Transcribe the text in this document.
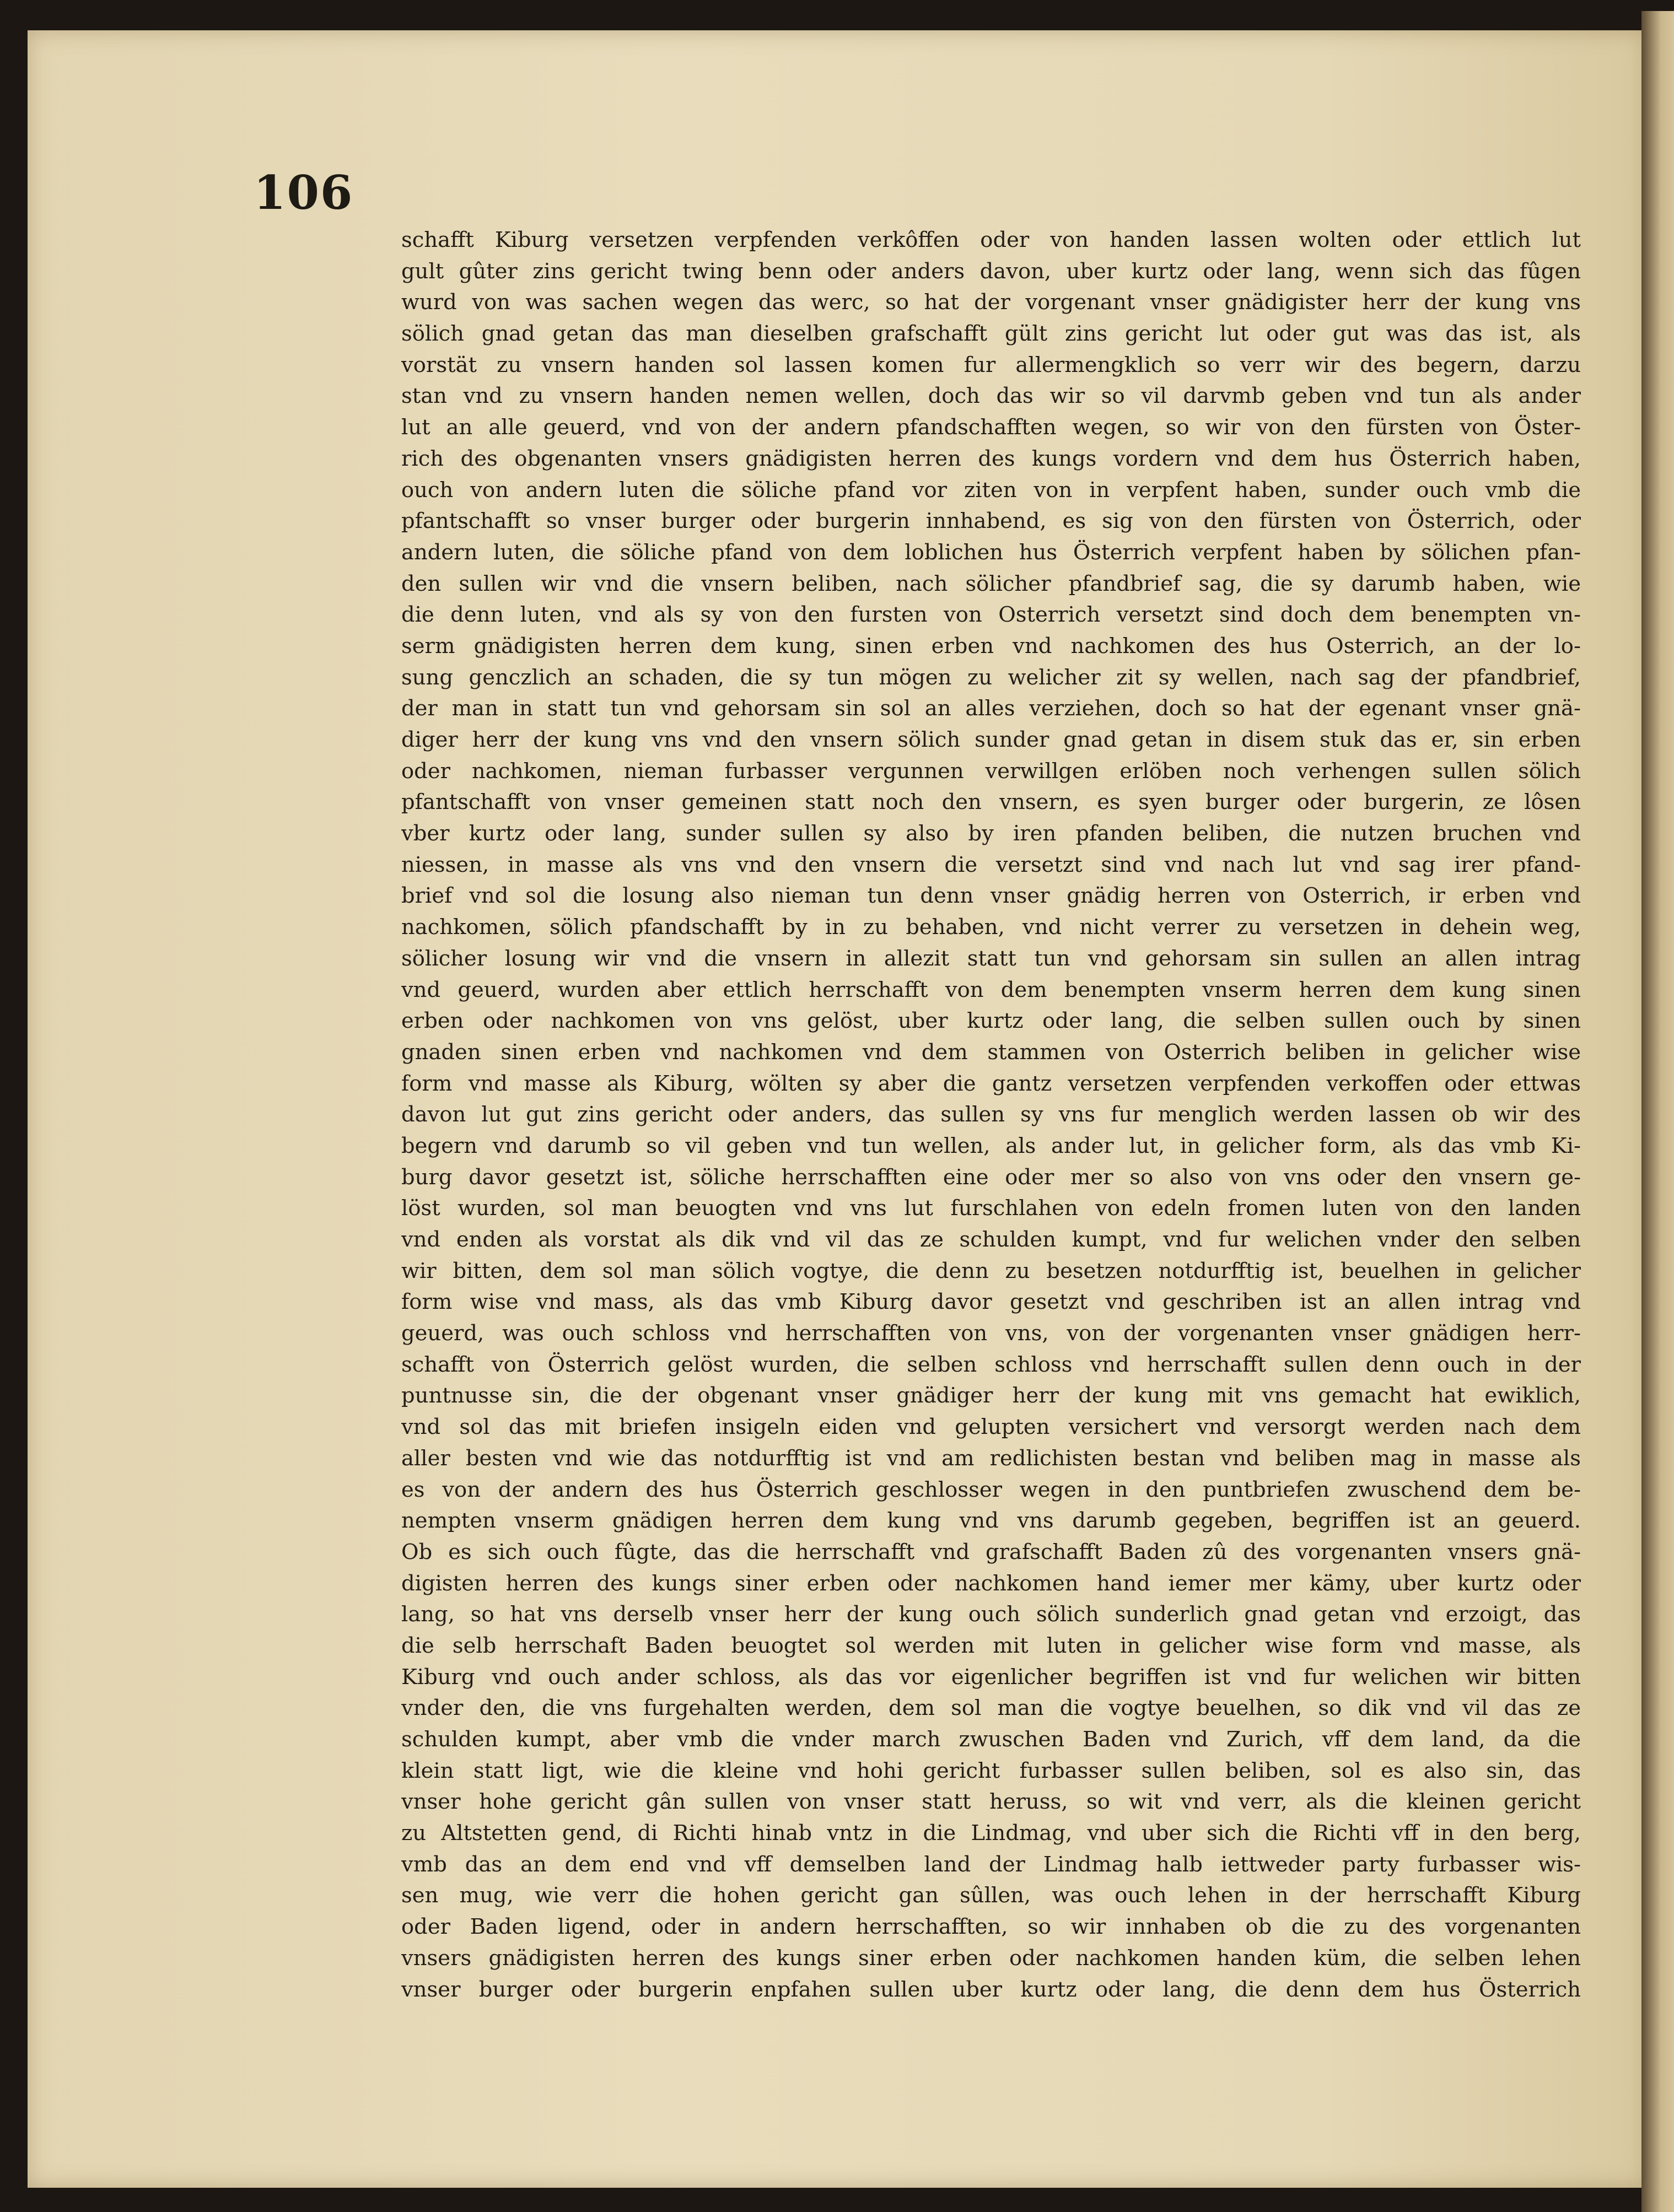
106
schafft Kiburg versetzen verpfenden verkôffen oder von handen lassen wolten oder ettlich lut
gult gûter zins gericht twing benn oder anders davon, uber kurtz oder lang, wenn sich das fûgen
wurd von was sachen wegen das werc, so hat der vorgenant vnser gnädigister herr der kung vns
sölich gnad getan das man dieselben grafschafft gült zins gericht lut oder gut was das ist, als
vorstät zu vnsern handen sol lassen komen fur allermengklich so verr wir des begern, darzu
stan vnd zu vnsern handen nemen wellen, doch das wir so vil darvmb geben vnd tun als ander
lut an alle geuerd, vnd von der andern pfandschafften wegen, so wir von den fürsten von Öster-
rich des obgenanten vnsers gnädigisten herren des kungs vordern vnd dem hus Österrich haben,
ouch von andern luten die söliche pfand vor ziten von in verpfent haben, sunder ouch vmb die
pfantschafft so vnser burger oder burgerin innhabend, es sig von den fürsten von Österrich, oder
andern luten, die söliche pfand von dem loblichen hus Österrich verpfent haben by sölichen pfan-
den sullen wir vnd die vnsern beliben, nach sölicher pfandbrief sag, die sy darumb haben, wie
die denn luten, vnd als sy von den fursten von Osterrich versetzt sind doch dem benempten vn-
serm gnädigisten herren dem kung, sinen erben vnd nachkomen des hus Osterrich, an der lo-
sung genczlich an schaden, die sy tun mögen zu welicher zit sy wellen, nach sag der pfandbrief,
der man in statt tun vnd gehorsam sin sol an alles verziehen, doch so hat der egenant vnser gnä-
diger herr der kung vns vnd den vnsern sölich sunder gnad getan in disem stuk das er, sin erben
oder nachkomen, nieman furbasser vergunnen verwillgen erlöben noch verhengen sullen sölich
pfantschafft von vnser gemeinen statt noch den vnsern, es syen burger oder burgerin, ze lôsen
vber kurtz oder lang, sunder sullen sy also by iren pfanden beliben, die nutzen bruchen vnd
niessen, in masse als vns vnd den vnsern die versetzt sind vnd nach lut vnd sag irer pfand-
brief vnd sol die losung also nieman tun denn vnser gnädig herren von Osterrich, ir erben vnd
nachkomen, sölich pfandschafft by in zu behaben, vnd nicht verrer zu versetzen in dehein weg,
sölicher losung wir vnd die vnsern in allezit statt tun vnd gehorsam sin sullen an allen intrag
vnd geuerd, wurden aber ettlich herrschafft von dem benempten vnserm herren dem kung sinen
erben oder nachkomen von vns gelöst, uber kurtz oder lang, die selben sullen ouch by sinen
gnaden sinen erben vnd nachkomen vnd dem stammen von Osterrich beliben in gelicher wise
form vnd masse als Kiburg, wölten sy aber die gantz versetzen verpfenden verkoffen oder ettwas
davon lut gut zins gericht oder anders, das sullen sy vns fur menglich werden lassen ob wir des
begern vnd darumb so vil geben vnd tun wellen, als ander lut, in gelicher form, als das vmb Ki-
burg davor gesetzt ist, söliche herrschafften eine oder mer so also von vns oder den vnsern ge-
löst wurden, sol man beuogten vnd vns lut furschlahen von edeln fromen luten von den landen
vnd enden als vorstat als dik vnd vil das ze schulden kumpt, vnd fur welichen vnder den selben
wir bitten, dem sol man sölich vogtye, die denn zu besetzen notdurfftig ist, beuelhen in gelicher
form wise vnd mass, als das vmb Kiburg davor gesetzt vnd geschriben ist an allen intrag vnd
geuerd, was ouch schloss vnd herrschafften von vns, von der vorgenanten vnser gnädigen herr-
schafft von Österrich gelöst wurden, die selben schloss vnd herrschafft sullen denn ouch in der
puntnusse sin, die der obgenant vnser gnädiger herr der kung mit vns gemacht hat ewiklich,
vnd sol das mit briefen insigeln eiden vnd gelupten versichert vnd versorgt werden nach dem
aller besten vnd wie das notdurfftig ist vnd am redlichisten bestan vnd beliben mag in masse als
es von der andern des hus Österrich geschlosser wegen in den puntbriefen zwuschend dem be-
nempten vnserm gnädigen herren dem kung vnd vns darumb gegeben, begriffen ist an geuerd.
Ob es sich ouch fûgte, das die herrschafft vnd grafschafft Baden zû des vorgenanten vnsers gnä-
digisten herren des kungs siner erben oder nachkomen hand iemer mer kämy, uber kurtz oder
lang, so hat vns derselb vnser herr der kung ouch sölich sunderlich gnad getan vnd erzoigt, das
die selb herrschaft Baden beuogtet sol werden mit luten in gelicher wise form vnd masse, als
Kiburg vnd ouch ander schloss, als das vor eigenlicher begriffen ist vnd fur welichen wir bitten
vnder den, die vns furgehalten werden, dem sol man die vogtye beuelhen, so dik vnd vil das ze
schulden kumpt, aber vmb die vnder march zwuschen Baden vnd Zurich, vff dem land, da die
klein statt ligt, wie die kleine vnd hohi gericht furbasser sullen beliben, sol es also sin, das
vnser hohe gericht gân sullen von vnser statt heruss, so wit vnd verr, als die kleinen gericht
zu Altstetten gend, di Richti hinab vntz in die Lindmag, vnd uber sich die Richti vff in den berg,
vmb das an dem end vnd vff demselben land der Lindmag halb iettweder party furbasser wis-
sen mug, wie verr die hohen gericht gan sûllen, was ouch lehen in der herrschafft Kiburg
oder Baden ligend, oder in andern herrschafften, so wir innhaben ob die zu des vorgenanten
vnsers gnädigisten herren des kungs siner erben oder nachkomen handen küm, die selben lehen
vnser burger oder burgerin enpfahen sullen uber kurtz oder lang, die denn dem hus Österrich
